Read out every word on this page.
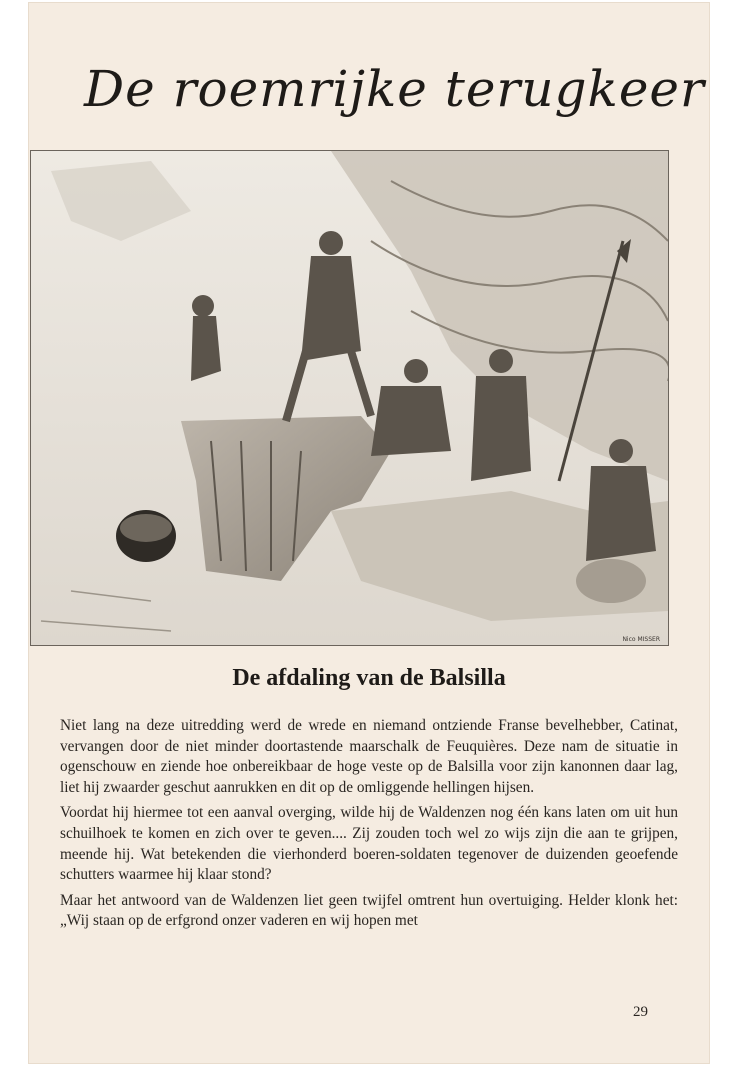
De roemrijke terugkeer
Nico MISSER
De afdaling van de Balsilla

Niet lang na deze uitredding werd de wrede en niemand ontziende Franse bevelhebber, Catinat, vervangen door de niet minder doortastende maarschalk de Feuquières. Deze nam de situatie in ogenschouw en ziende hoe onbereikbaar de hoge veste op de Balsilla voor zijn kanonnen daar lag, liet hij zwaarder geschut aanrukken en dit op de omliggende hellingen hijsen.

Voordat hij hiermee tot een aanval overging, wilde hij de Waldenzen nog één kans laten om uit hun schuilhoek te komen en zich over te geven.... Zij zouden toch wel zo wijs zijn die aan te grijpen, meende hij. Wat betekenden die vierhonderd boeren-soldaten tegenover de duizenden geoefende schutters waarmee hij klaar stond?

Maar het antwoord van de Waldenzen liet geen twijfel omtrent hun overtuiging. Helder klonk het: „Wij staan op de erfgrond onzer vaderen en wij hopen met

29
